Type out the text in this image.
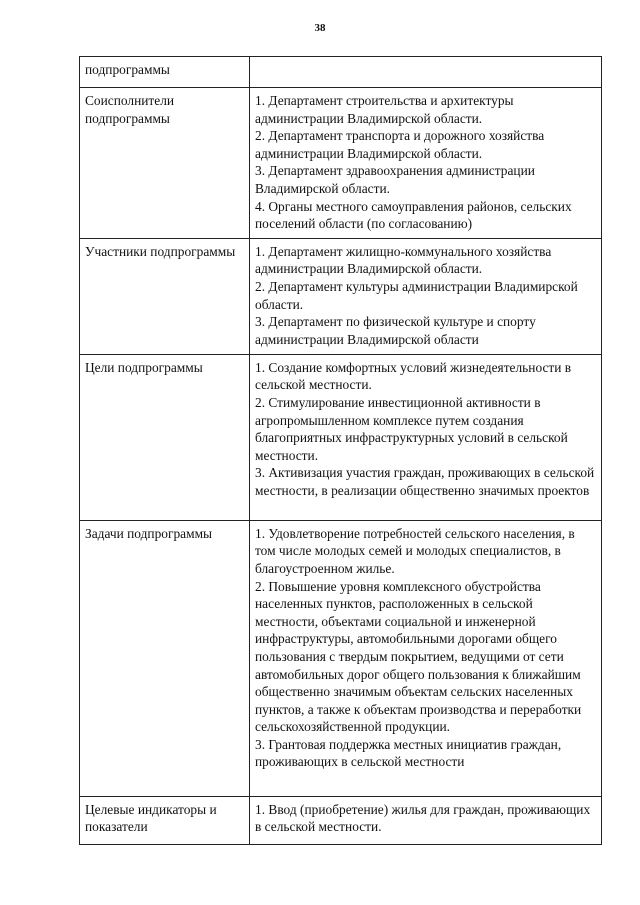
38
подпрограммы	
Соисполнители подпрограммы	1. Департамент строительства и архитектуры администрации Владимирской области.
2. Департамент транспорта и дорожного хозяйства администрации Владимирской области.
3. Департамент здравоохранения администрации Владимирской области.
4. Органы местного самоуправления районов, сельских поселений области (по согласованию)

Участники подпрограммы	1. Департамент жилищно-коммунального хозяйства администрации Владимирской области.
2. Департамент культуры администрации Владимирской области.
3. Департамент по физической культуре и спорту администрации Владимирской области

Цели подпрограммы	1. Создание комфортных условий жизнедеятельности в сельской местности.
2. Стимулирование инвестиционной активности в агропромышленном комплексе путем создания благоприятных инфраструктурных условий в сельской местности.
3. Активизация участия граждан, проживающих в сельской местности, в реализации общественно значимых проектов

Задачи подпрограммы	1. Удовлетворение потребностей сельского населения, в том числе молодых семей и молодых специалистов, в благоустроенном жилье.
2. Повышение уровня комплексного обустройства населенных пунктов, расположенных в сельской местности, объектами социальной и инженерной инфраструктуры, автомобильными дорогами общего пользования с твердым покрытием, ведущими от сети автомобильных дорог общего пользования к ближайшим общественно значимым объектам сельских населенных пунктов, а также к объектам производства и переработки сельскохозяйственной продукции.
3. Грантовая поддержка местных инициатив граждан, проживающих в сельской местности

Целевые индикаторы и показатели	1. Ввод (приобретение) жилья для граждан, проживающих в сельской местности.
